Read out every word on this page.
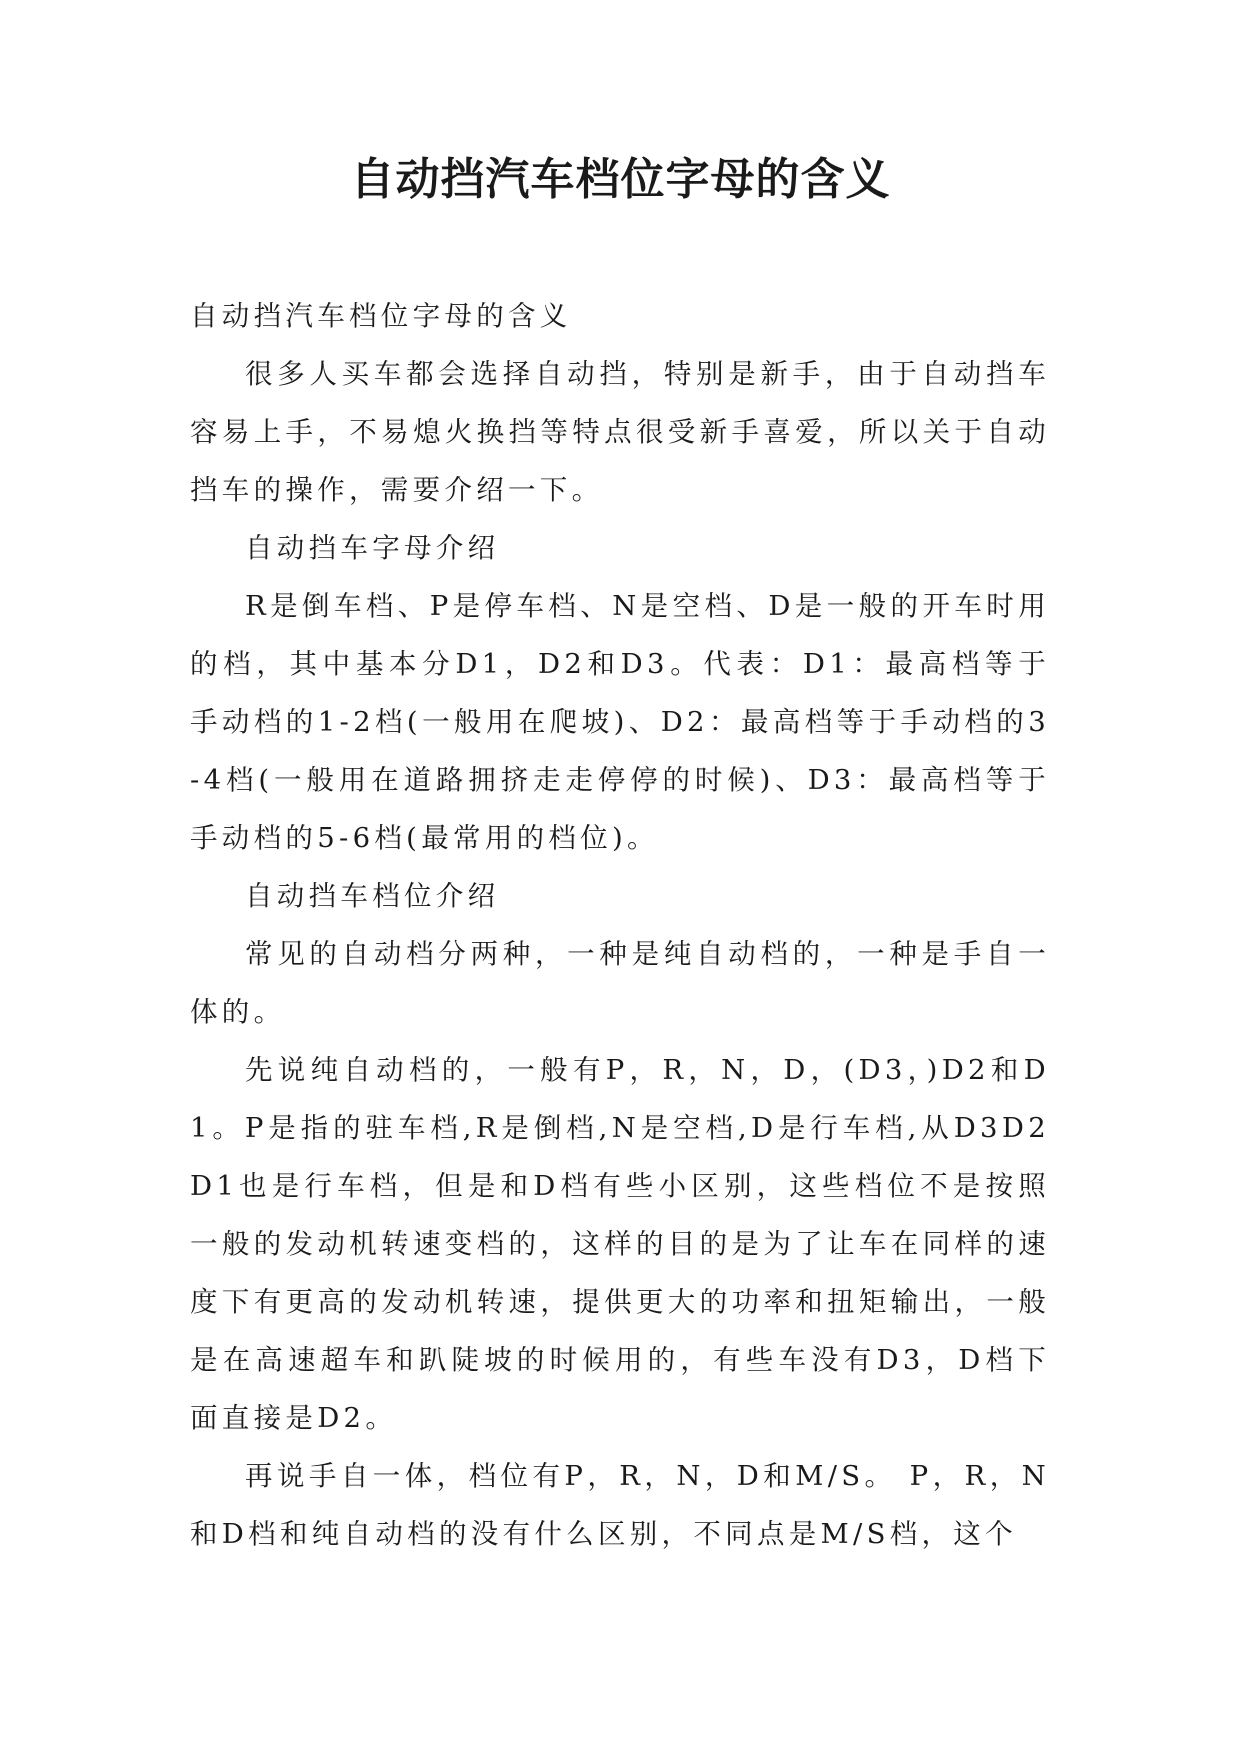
自动挡汽车档位字母的含义

自动挡汽车档位字母的含义

很多人买车都会选择自动挡，特别是新手，由于自动挡车容易上手，不易熄火换挡等特点很受新手喜爱，所以关于自动挡车的操作，需要介绍一下。

自动挡车字母介绍

R是倒车档、P是停车档、N是空档、D是一般的开车时用的档，其中基本分D1，D2和D3。代表：D1：最高档等于手动档的1-2档(一般用在爬坡)、D2：最高档等于手动档的3-4档(一般用在道路拥挤走走停停的时候)、D3：最高档等于手动档的5-6档(最常用的档位)。

自动挡车档位介绍

常见的自动档分两种，一种是纯自动档的，一种是手自一体的。

先说纯自动档的，一般有P，R，N，D，(D3，)D2和D1。P是指的驻车档,R是倒档,N是空档,D是行车档,从D3D2D1也是行车档，但是和D档有些小区别，这些档位不是按照一般的发动机转速变档的，这样的目的是为了让车在同样的速度下有更高的发动机转速，提供更大的功率和扭矩输出，一般是在高速超车和趴陡坡的时候用的，有些车没有D3，D档下面直接是D2。

再说手自一体，档位有P，R，N，D和M/S。 P，R，N和D档和纯自动档的没有什么区别，不同点是M/S档，这个
